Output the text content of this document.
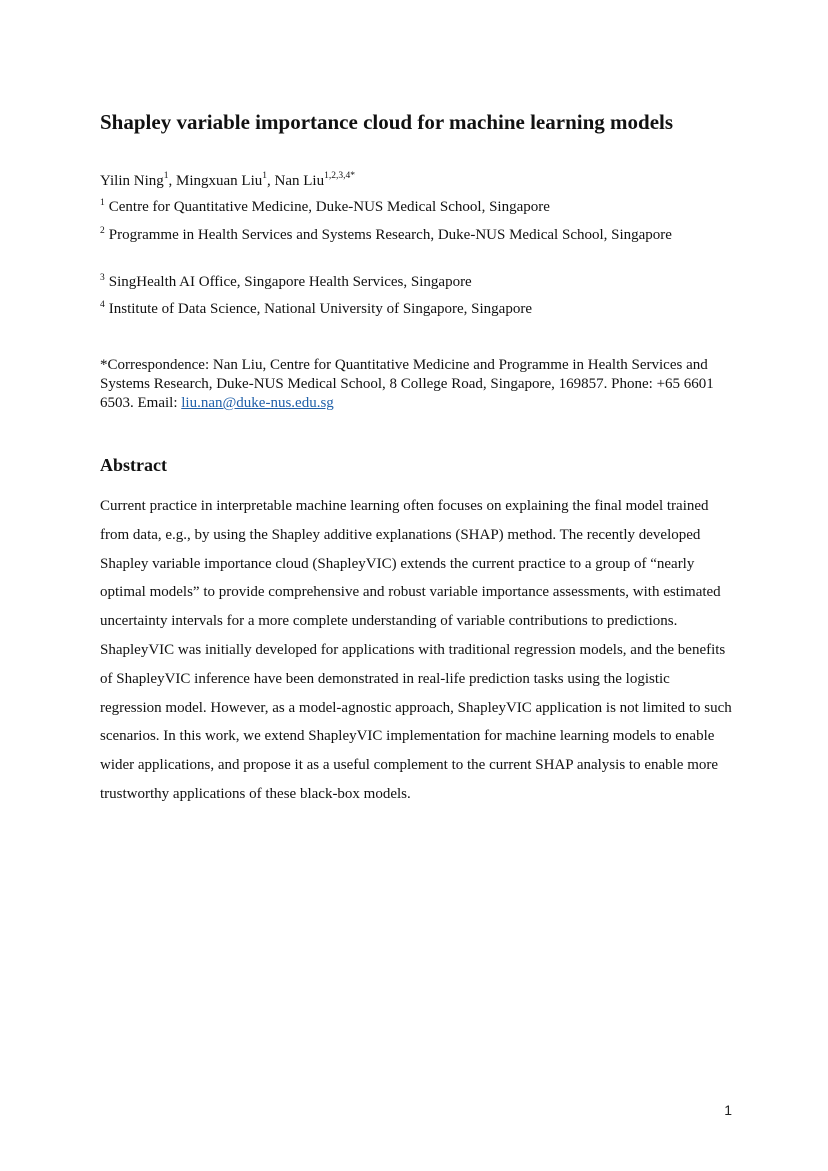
Shapley variable importance cloud for machine learning models
Yilin Ning$^1$, Mingxuan Liu$^1$, Nan Liu$^{1,2,3,4*}$
$^1$ Centre for Quantitative Medicine, Duke-NUS Medical School, Singapore
$^2$ Programme in Health Services and Systems Research, Duke-NUS Medical School, Singapore
$^3$ SingHealth AI Office, Singapore Health Services, Singapore
$^4$ Institute of Data Science, National University of Singapore, Singapore
*Correspondence: Nan Liu, Centre for Quantitative Medicine and Programme in Health Services and Systems Research, Duke-NUS Medical School, 8 College Road, Singapore, 169857. Phone: +65 6601 6503. Email: liu.nan@duke-nus.edu.sg
Abstract

Current practice in interpretable machine learning often focuses on explaining the final model trained from data, e.g., by using the Shapley additive explanations (SHAP) method. The recently developed Shapley variable importance cloud (ShapleyVIC) extends the current practice to a group of “nearly optimal models” to provide comprehensive and robust variable importance assessments, with estimated uncertainty intervals for a more complete understanding of variable contributions to predictions. ShapleyVIC was initially developed for applications with traditional regression models, and the benefits of ShapleyVIC inference have been demonstrated in real-life prediction tasks using the logistic regression model. However, as a model-agnostic approach, ShapleyVIC application is not limited to such scenarios. In this work, we extend ShapleyVIC implementation for machine learning models to enable wider applications, and propose it as a useful complement to the current SHAP analysis to enable more trustworthy applications of these black-box models.

1
